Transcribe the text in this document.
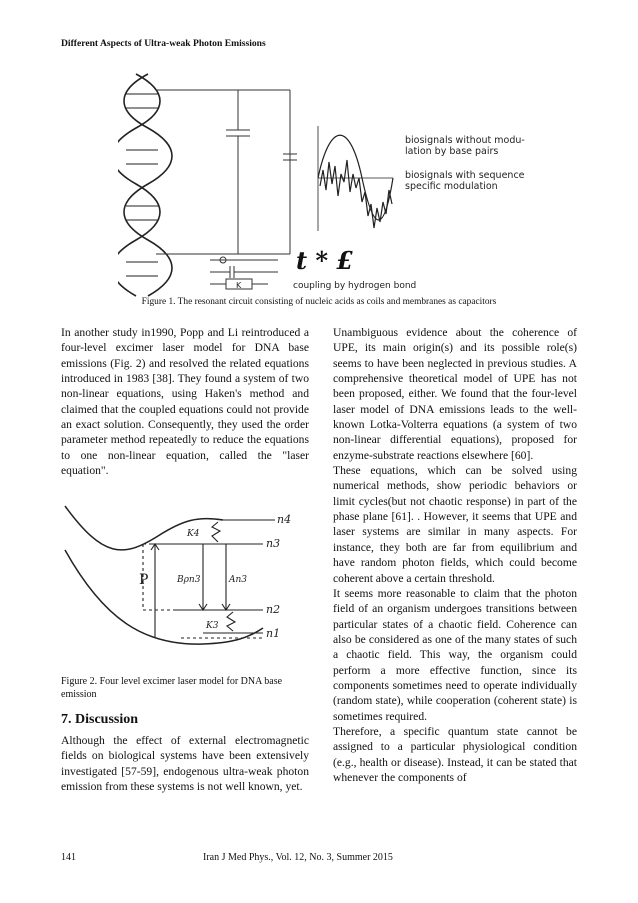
Different Aspects of Ultra-weak Photon Emissions
biosignals without modu-
lation by base pairs
biosignals with sequence
specific modulation
K
t * £
coupling by hydrogen bond
Figure 1. The resonant circuit consisting of nucleic acids as coils and membranes as capacitors

In another study in1990, Popp and Li reintroduced a four-level excimer laser model for DNA base emissions (Fig. 2) and resolved the related equations introduced in 1983 [38]. They found a system of two non-linear equations, using Haken's method and claimed that the coupled equations could not provide an exact solution. Consequently, they used the order parameter method repeatedly to reduce the equations to one non-linear equation, called the "laser equation".

n4
n3
n2
n1
K4
P	Bρn3	An3
K3
Figure 2. Four level excimer laser model for DNA base emission
7. Discussion
Although the effect of external electromagnetic fields on biological systems have been extensively investigated [57-59], endogenous ultra-weak photon emission from these systems is not well known, yet.

Unambiguous evidence about the coherence of UPE, its main origin(s) and its possible role(s) seems to have been neglected in previous studies. A comprehensive theoretical model of UPE has not been proposed, either. We found that the four-level laser model of DNA emissions leads to the well-known Lotka-Volterra equations (a system of two non-linear differential equations), proposed for enzyme-substrate reactions elsewhere [60].

These equations, which can be solved using numerical methods, show periodic behaviors or limit cycles(but not chaotic response) in part of the phase plane [61]. . However, it seems that UPE and laser systems are similar in many aspects. For instance, they both are far from equilibrium and have random photon fields, which could become coherent above a certain threshold.

It seems more reasonable to claim that the photon field of an organism undergoes transitions between particular states of a chaotic field. Coherence can also be considered as one of the many states of such a chaotic field. This way, the organism could perform a more effective function, since its components sometimes need to operate individually (random state), while cooperation (coherent state) is sometimes required.

Therefore, a specific quantum state cannot be assigned to a particular physiological condition (e.g., health or disease). Instead, it can be stated that whenever the components of

141	Iran J Med Phys., Vol. 12, No. 3, Summer 2015
